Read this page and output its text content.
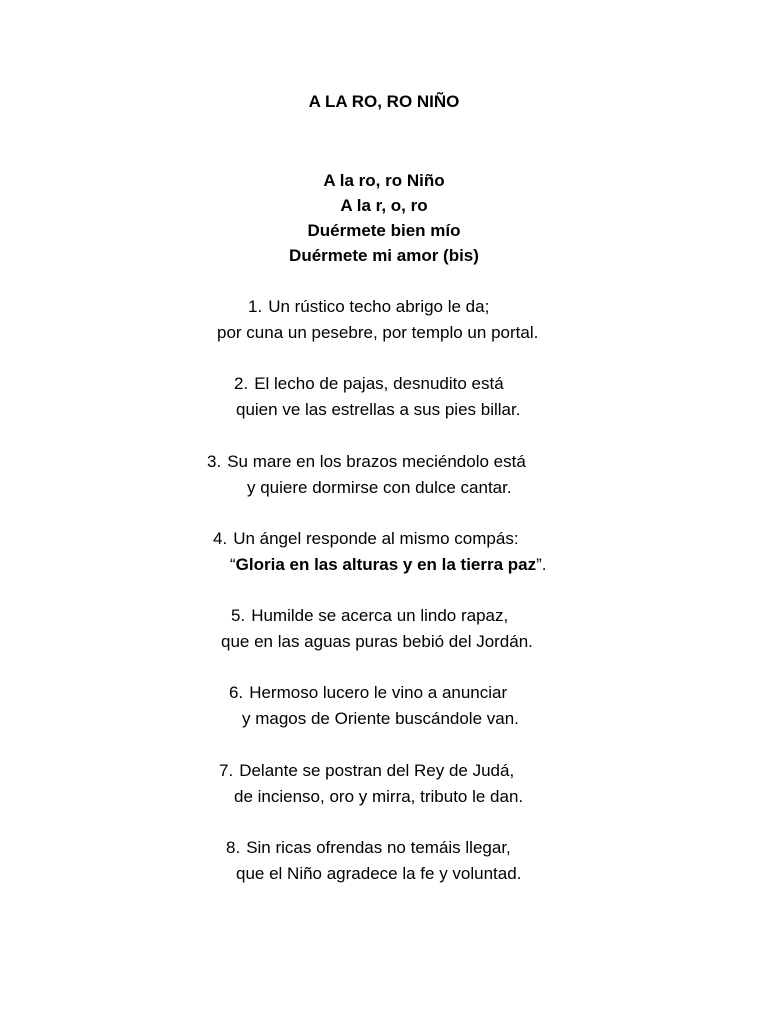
A LA RO, RO NIÑO
A la ro, ro Niño
A la r, o, ro
Duérmete bien mío
Duérmete mi amor (bis)
1. Un rústico techo abrigo le da;
por cuna un pesebre, por templo un portal.
2. El lecho de pajas, desnudito está
quien ve las estrellas a sus pies billar.
3. Su mare en los brazos meciéndolo está
y quiere dormirse con dulce cantar.
4. Un ángel responde al mismo compás:
“Gloria en las alturas y en la tierra paz”.
5. Humilde se acerca un lindo rapaz,
que en las aguas puras bebió del Jordán.
6. Hermoso lucero le vino a anunciar
y magos de Oriente buscándole van.
7. Delante se postran del Rey de Judá,
de incienso, oro y mirra, tributo le dan.
8. Sin ricas ofrendas no temáis llegar,
que el Niño agradece la fe y voluntad.
